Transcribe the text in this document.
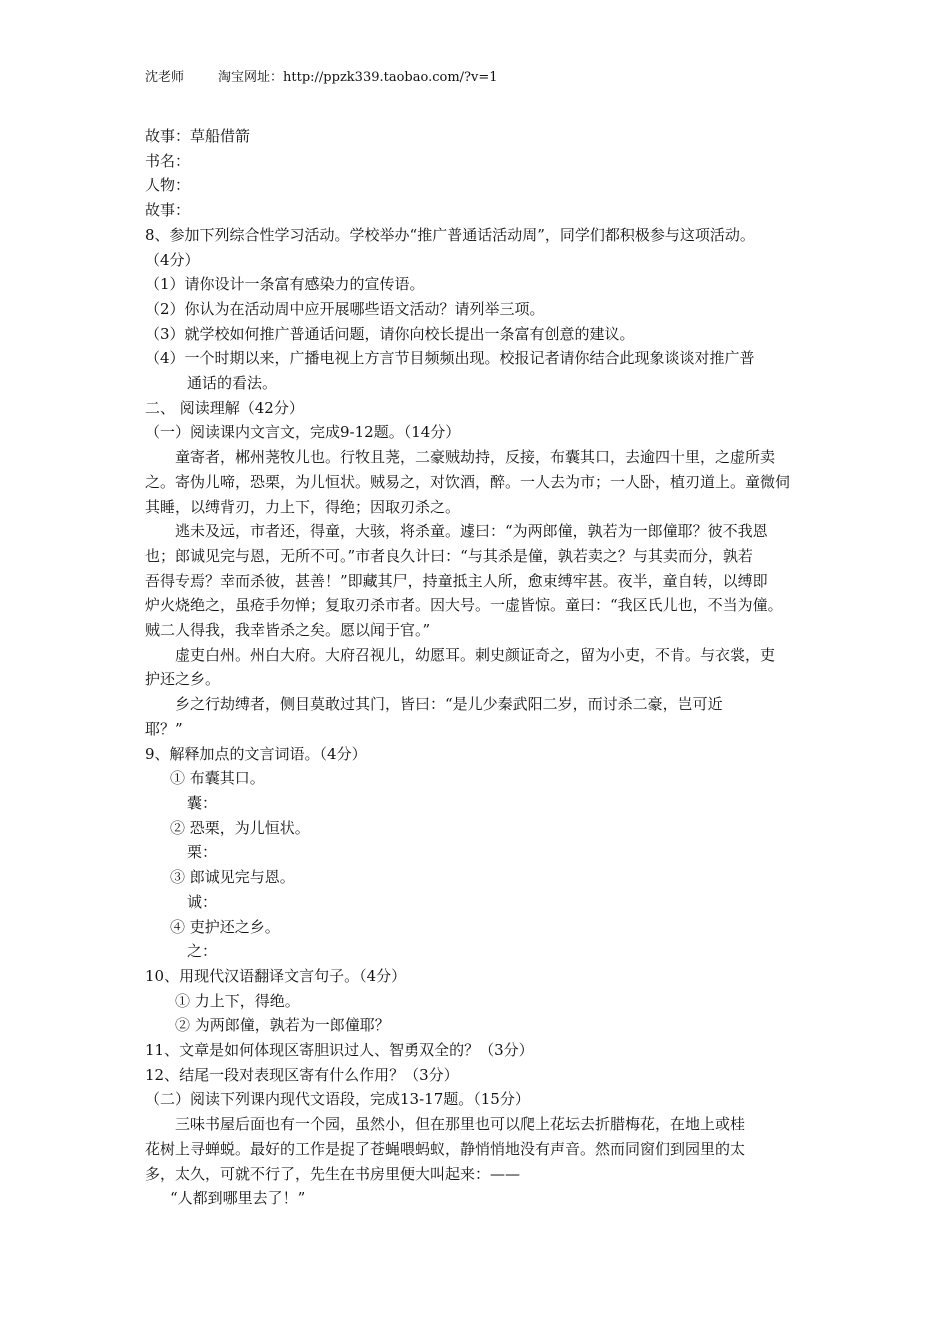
沈老师	淘宝网址：http://ppzk339.taobao.com/?v=1
故事：草船借箭
书名：
人物：
故事：
8、参加下列综合性学习活动。学校举办“推广普通话活动周”，同学们都积极参与这项活动。
（4分）
（1）请你设计一条富有感染力的宣传语。
（2）你认为在活动周中应开展哪些语文活动？请列举三项。
（3）就学校如何推广普通话问题，请你向校长提出一条富有创意的建议。
（4）一个时期以来，广播电视上方言节目频频出现。校报记者请你结合此现象谈谈对推广普
通话的看法。
二、 阅读理解（42分）
（一）阅读课内文言文，完成9-12题。（14分）
童寄者，郴州荛牧儿也。行牧且荛，二豪贼劫持，反接，布囊其口，去逾四十里，之虚所卖
之。寄伪儿啼，恐栗，为儿恒状。贼易之，对饮酒，醉。一人去为市；一人卧，植刃道上。童微伺
其睡，以缚背刃，力上下，得绝；因取刃杀之。
逃未及远，市者还，得童，大骇，将杀童。遽曰：“为两郎僮，孰若为一郎僮耶？彼不我恩
也；郎诚见完与恩，无所不可。”市者良久计曰：“与其杀是僮，孰若卖之？与其卖而分，孰若
吾得专焉？幸而杀彼，甚善！”即藏其尸，持童抵主人所，愈束缚牢甚。夜半，童自转，以缚即
炉火烧绝之，虽疮手勿惮；复取刃杀市者。因大号。一虚皆惊。童曰：“我区氏儿也，不当为僮。
贼二人得我，我幸皆杀之矣。愿以闻于官。”
虚吏白州。州白大府。大府召视儿，幼愿耳。刺史颜证奇之，留为小吏，不肯。与衣裳，吏
护还之乡。
乡之行劫缚者，侧目莫敢过其门，皆曰：“是儿少秦武阳二岁，而讨杀二豪，岂可近
耶？”
9、解释加点的文言词语。（4分）
① 布囊其口。
囊：
② 恐栗，为儿恒状。
栗：
③ 郎诚见完与恩。
诚：
④ 吏护还之乡。
之：
10、用现代汉语翻译文言句子。（4分）
① 力上下，得绝。
② 为两郎僮，孰若为一郎僮耶？
11、文章是如何体现区寄胆识过人、智勇双全的？（3分）
12、结尾一段对表现区寄有什么作用？（3分）
（二）阅读下列课内现代文语段，完成13-17题。（15分）
三味书屋后面也有一个园，虽然小，但在那里也可以爬上花坛去折腊梅花，在地上或桂
花树上寻蝉蜕。最好的工作是捉了苍蝇喂蚂蚁，静悄悄地没有声音。然而同窗们到园里的太
多，太久，可就不行了，先生在书房里便大叫起来：——
“人都到哪里去了！”
